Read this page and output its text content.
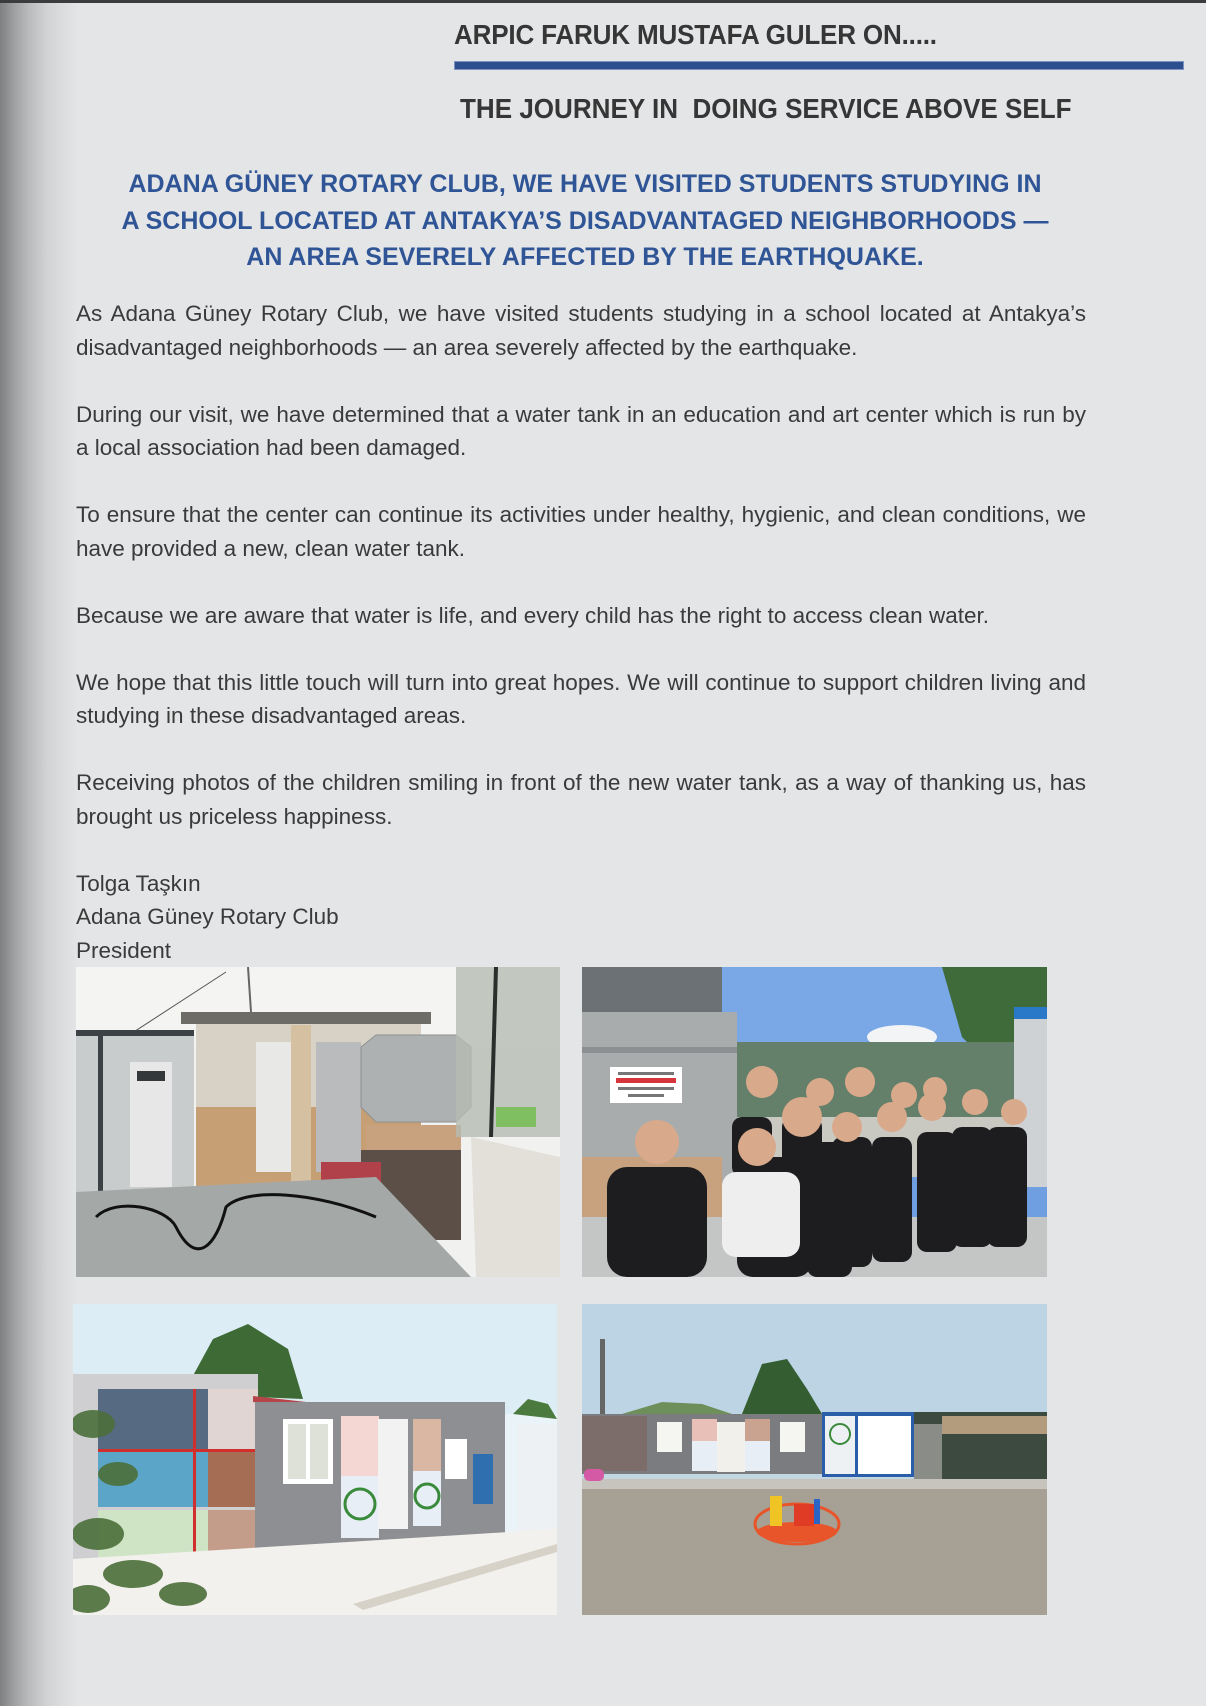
ARPIC FARUK MUSTAFA GULER ON.....
THE JOURNEY IN  DOING SERVICE ABOVE SELF
ADANA GÜNEY ROTARY CLUB, WE HAVE VISITED STUDENTS STUDYING IN
A SCHOOL LOCATED AT ANTAKYA’S DISADVANTAGED NEIGHBORHOODS —
AN AREA SEVERELY AFFECTED BY THE EARTHQUAKE.

As Adana Güney Rotary Club, we have visited students studying in a school located at Antakya’s disadvantaged neighborhoods — an area severely affected by the earthquake.

During our visit, we have determined that a water tank in an education and art center which is run by a local association had been damaged.

To ensure that the center can continue its activities under healthy, hygienic, and clean conditions, we have provided a new, clean water tank.

Because we are aware that water is life, and every child has the right to access clean water.

We hope that this little touch will turn into great hopes. We will continue to support children living and studying in these disadvantaged areas.

Receiving photos of the children smiling in front of the new water tank, as a way of thanking us, has brought us priceless happiness.

Tolga Taşkın
Adana Güney Rotary Club
President
